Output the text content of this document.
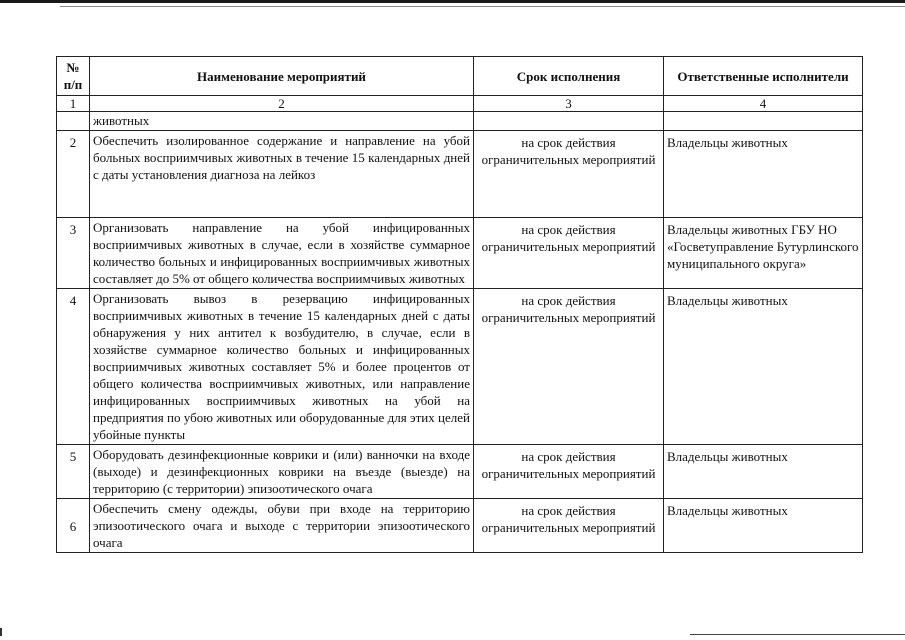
№ п/п	Наименование мероприятий	Срок исполнения	Ответственные исполнители
1	2	3	4
	животных		
2	Обеспечить изолированное содержание и направление на убой больных восприимчивых животных в течение 15 календарных дней с даты установления диагноза на лейкоз	на срок действия ограничительных мероприятий	Владельцы животных
3	Организовать направление на убой инфицированных восприимчивых животных в случае, если в хозяйстве суммарное количество больных и инфицированных восприимчивых животных составляет до 5% от общего количества восприимчивых животных	на срок действия ограничительных мероприятий	Владельцы животных ГБУ НО «Госветуправление Бутурлинского муниципального округа»
4	Организовать вывоз в резервацию инфицированных восприимчивых животных в течение 15 календарных дней с даты обнаружения у них антител к возбудителю, в случае, если в хозяйстве суммарное количество больных и инфицированных восприимчивых животных составляет 5% и более процентов от общего количества восприимчивых животных, или направление инфицированных восприимчивых животных на убой на предприятия по убою животных или оборудованные для этих целей убойные пункты	на срок действия ограничительных мероприятий	Владельцы животных
5	Оборудовать дезинфекционные коврики и (или) ванночки на входе (выходе) и дезинфекционных коврики на въезде (выезде) на территорию (с территории) эпизоотического очага	на срок действия ограничительных мероприятий	Владельцы животных
6	Обеспечить смену одежды, обуви при входе на территорию эпизоотического очага и выходе с территории эпизоотического очага	на срок действия ограничительных мероприятий	Владельцы животных
